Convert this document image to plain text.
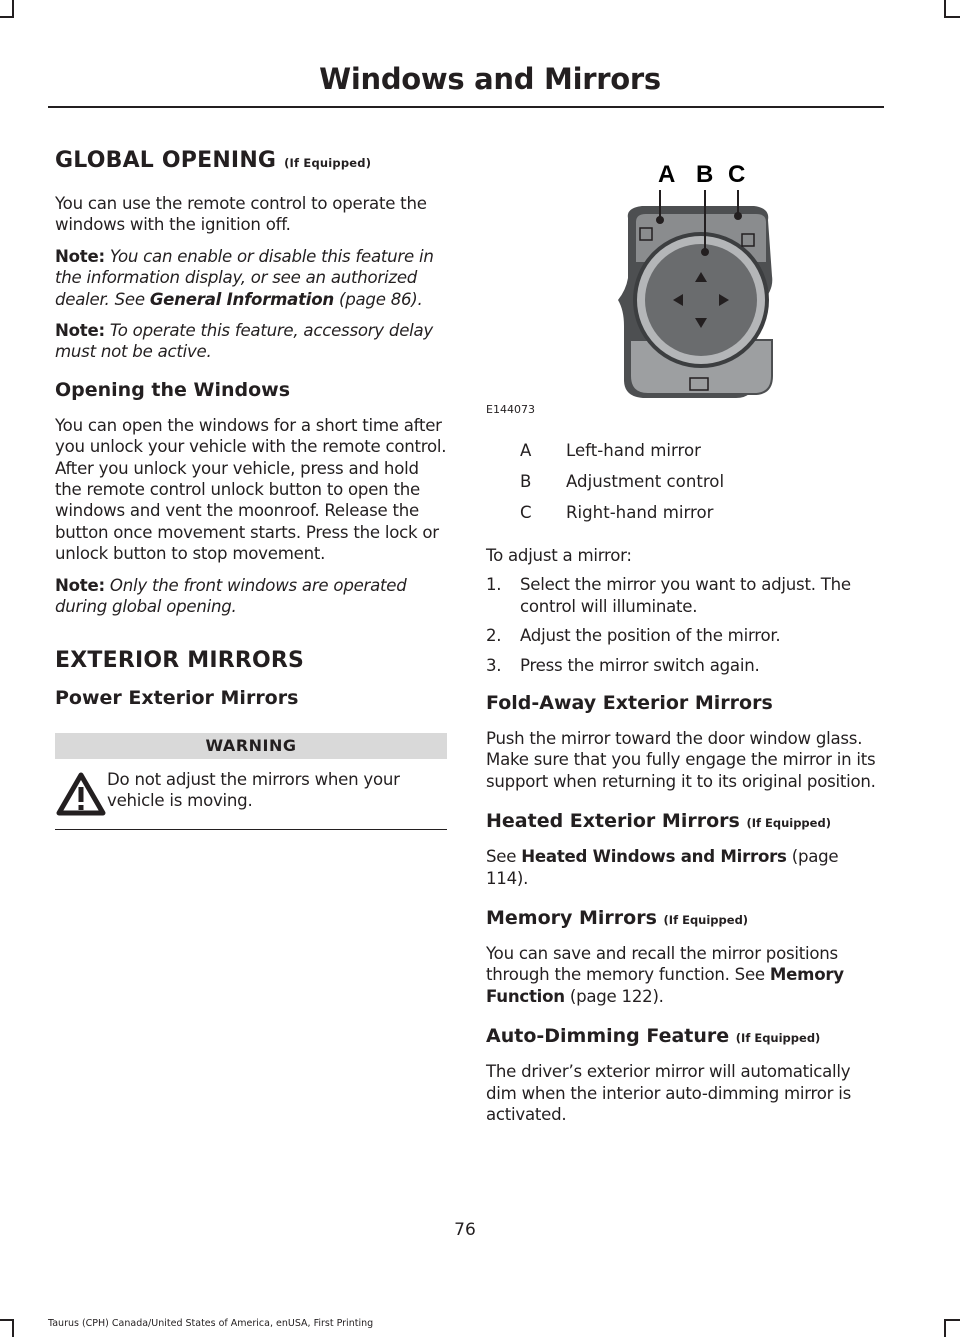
Windows and Mirrors
GLOBAL OPENING (If Equipped)

You can use the remote control to operate the windows with the ignition off.

Note: You can enable or disable this feature in the information display, or see an authorized dealer. See General Information (page 86).

Note: To operate this feature, accessory delay must not be active.

Opening the Windows

You can open the windows for a short time after you unlock your vehicle with the remote control. After you unlock your vehicle, press and hold the remote control unlock button to open the windows and vent the moonroof. Release the button once movement starts. Press the lock or unlock button to stop movement.

Note: Only the front windows are operated during global opening.

EXTERIOR MIRRORS
Power Exterior Mirrors
WARNING

Do not adjust the mirrors when your vehicle is moving.

A B C
E144073
A	Left-hand mirror
B	Adjustment control
C	Right-hand mirror

To adjust a mirror:

1.	Select the mirror you want to adjust. The control will illuminate.
2.	Adjust the position of the mirror.
3.	Press the mirror switch again.
Fold-Away Exterior Mirrors

Push the mirror toward the door window glass. Make sure that you fully engage the mirror in its support when returning it to its original position.

Heated Exterior Mirrors (If Equipped)

See Heated Windows and Mirrors (page 114).

Memory Mirrors (If Equipped)

You can save and recall the mirror positions through the memory function. See Memory Function (page 122).

Auto-Dimming Feature (If Equipped)

The driver’s exterior mirror will automatically dim when the interior auto-dimming mirror is activated.

76
Taurus (CPH) Canada/United States of America, enUSA, First Printing
